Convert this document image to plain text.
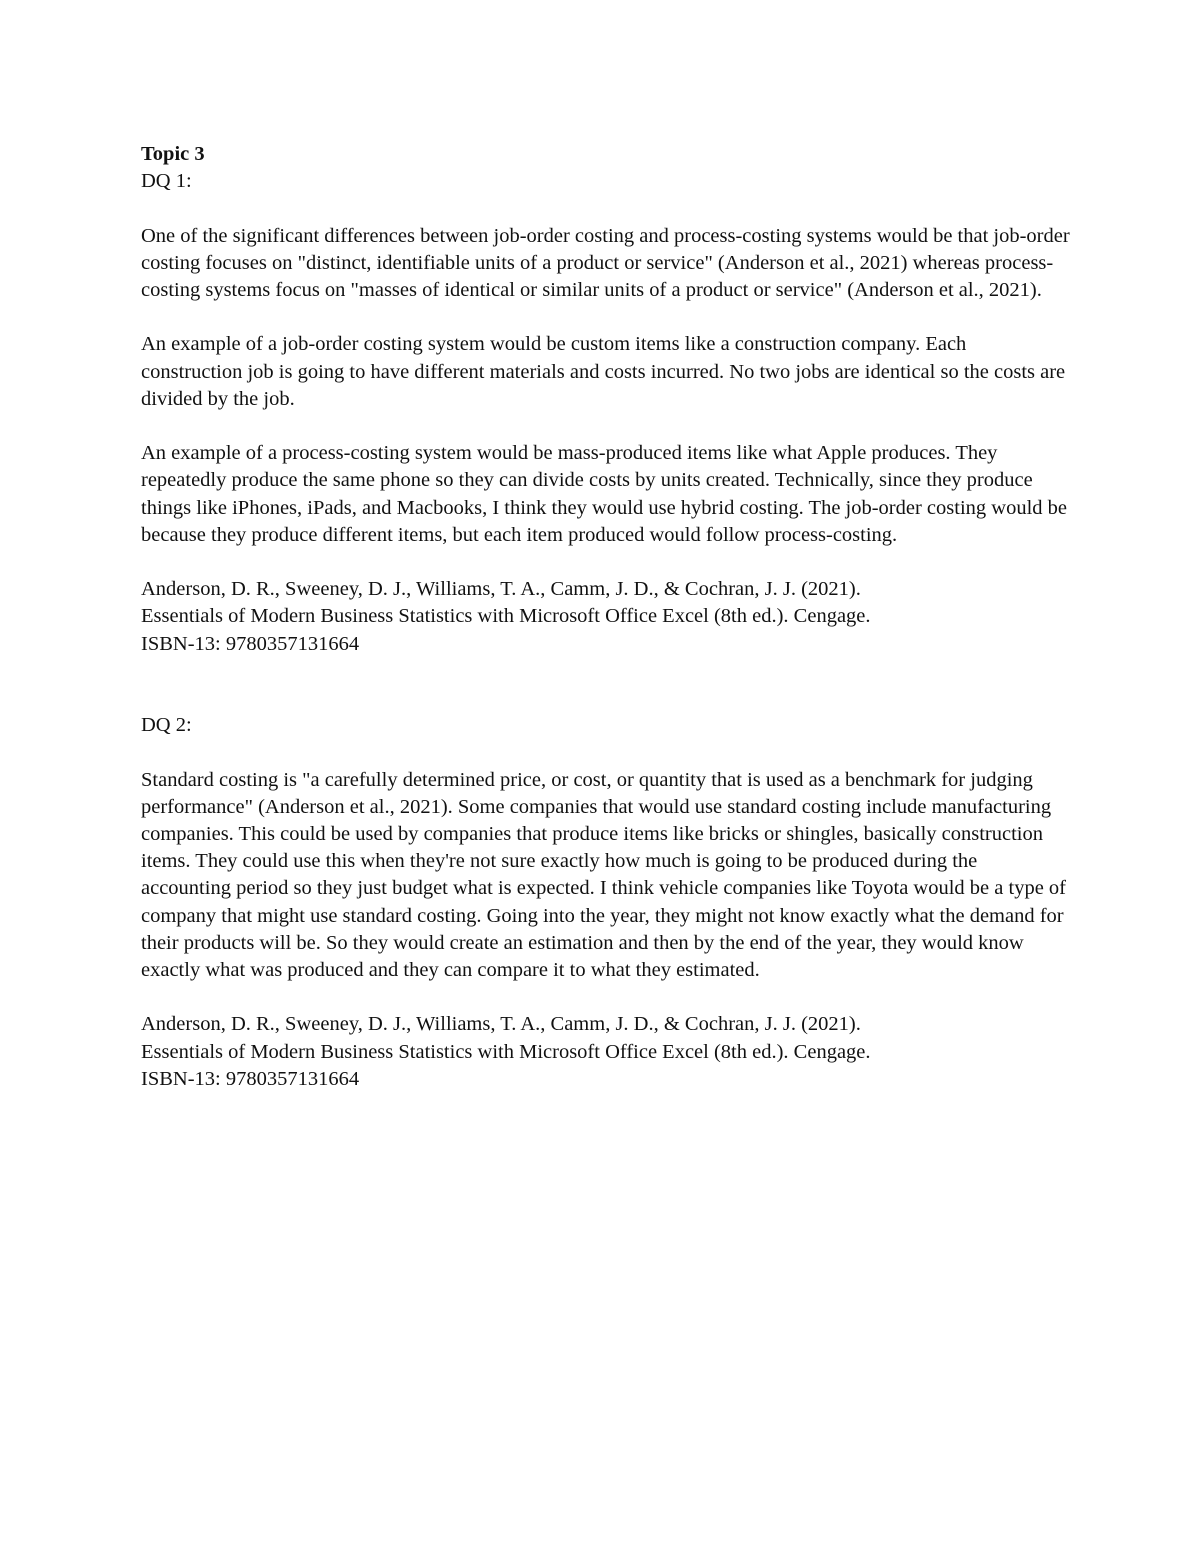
Topic 3

DQ 1:

One of the significant differences between job-order costing and process-costing systems would be that job-order costing focuses on "distinct, identifiable units of a product or service" (Anderson et al., 2021) whereas process-costing systems focus on "masses of identical or similar units of a product or service" (Anderson et al., 2021).

An example of a job-order costing system would be custom items like a construction company. Each construction job is going to have different materials and costs incurred. No two jobs are identical so the costs are divided by the job.

An example of a process-costing system would be mass-produced items like what Apple produces. They repeatedly produce the same phone so they can divide costs by units created. Technically, since they produce things like iPhones, iPads, and Macbooks, I think they would use hybrid costing. The job-order costing would be because they produce different items, but each item produced would follow process-costing.

Anderson, D. R., Sweeney, D. J., Williams, T. A., Camm, J. D., & Cochran, J. J. (2021).
Essentials of Modern Business Statistics with Microsoft Office Excel (8th ed.). Cengage.
ISBN-13: 9780357131664

DQ 2:

Standard costing is "a carefully determined price, or cost, or quantity that is used as a benchmark for judging performance" (Anderson et al., 2021). Some companies that would use standard costing include manufacturing companies. This could be used by companies that produce items like bricks or shingles, basically construction items. They could use this when they're not sure exactly how much is going to be produced during the accounting period so they just budget what is expected. I think vehicle companies like Toyota would be a type of company that might use standard costing. Going into the year, they might not know exactly what the demand for their products will be. So they would create an estimation and then by the end of the year, they would know exactly what was produced and they can compare it to what they estimated.

Anderson, D. R., Sweeney, D. J., Williams, T. A., Camm, J. D., & Cochran, J. J. (2021).
Essentials of Modern Business Statistics with Microsoft Office Excel (8th ed.). Cengage.
ISBN-13: 9780357131664
